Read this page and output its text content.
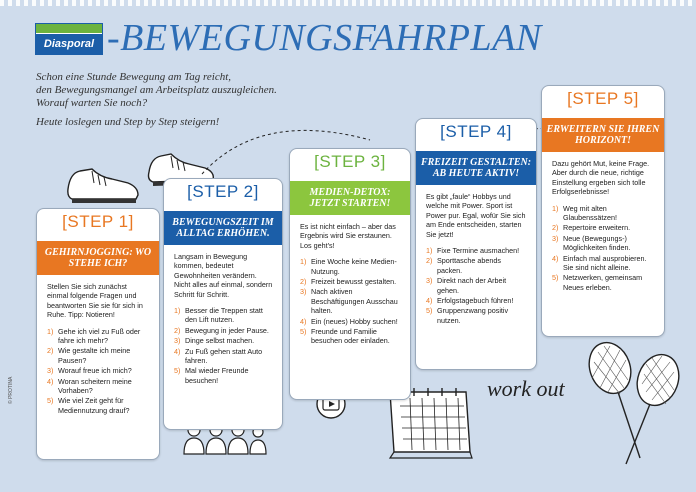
Diasporal -BEWEGUNGSFAHRPLAN
Schon eine Stunde Bewegung am Tag reicht,
den Bewegungsmangel am Arbeitsplatz auszugleichen.
Worauf warten Sie noch?
Heute loslegen und Step by Step steigern!
work out
© PROTINA
[STEP 1]
GEHIRNJOGGING: WO STEHE ICH?

Stellen Sie sich zunächst einmal folgende Fragen und beantworten Sie sie für sich in Ruhe. Tipp: Notieren!

1) Gehe ich viel zu Fuß oder fahre ich mehr?
2) Wie gestalte ich meine Pausen?
3) Worauf freue ich mich?
4) Woran scheitern meine Vorhaben?
5) Wie viel Zeit geht für Mediennutzung drauf?
[STEP 2]
BEWEGUNGSZEIT IM ALLTAG ERHÖHEN.

Langsam in Bewegung kommen, bedeutet Gewohnheiten verändern. Nicht alles auf einmal, sondern Schritt für Schritt.

1) Besser die Treppen statt den Lift nutzen.
2) Bewegung in jeder Pause.
3) Dinge selbst machen.
4) Zu Fuß gehen statt Auto fahren.
5) Mal wieder Freunde besuchen!
[STEP 3]
MEDIEN-DETOX: JETZT STARTEN!

Es ist nicht einfach – aber das Ergebnis wird Sie erstaunen. Los geht's!

1) Eine Woche keine Medien-Nutzung.
2) Freizeit bewusst gestalten.
3) Nach aktiven Beschäftigungen Ausschau halten.
4) Ein (neues) Hobby suchen!
5) Freunde und Familie besuchen oder einladen.
[STEP 4]
FREIZEIT GESTALTEN: AB HEUTE AKTIV!

Es gibt „faule“ Hobbys und welche mit Power. Sport ist Power pur. Egal, wofür Sie sich am Ende entscheiden, starten Sie jetzt!

1) Fixe Termine ausmachen!
2) Sporttasche abends packen.
3) Direkt nach der Arbeit gehen.
4) Erfolgstagebuch führen!
5) Gruppenzwang positiv nutzen.
[STEP 5]
ERWEITERN SIE IHREN HORIZONT!

Dazu gehört Mut, keine Frage. Aber durch die neue, richtige Einstellung ergeben sich tolle Erfolgserlebnisse!

1) Weg mit alten Glaubenssätzen!
2) Repertoire erweitern.
3) Neue (Bewegungs-) Möglichkeiten finden.
4) Einfach mal ausprobieren. Sie sind nicht alleine.
5) Netzwerken, gemeinsam Neues erleben.
